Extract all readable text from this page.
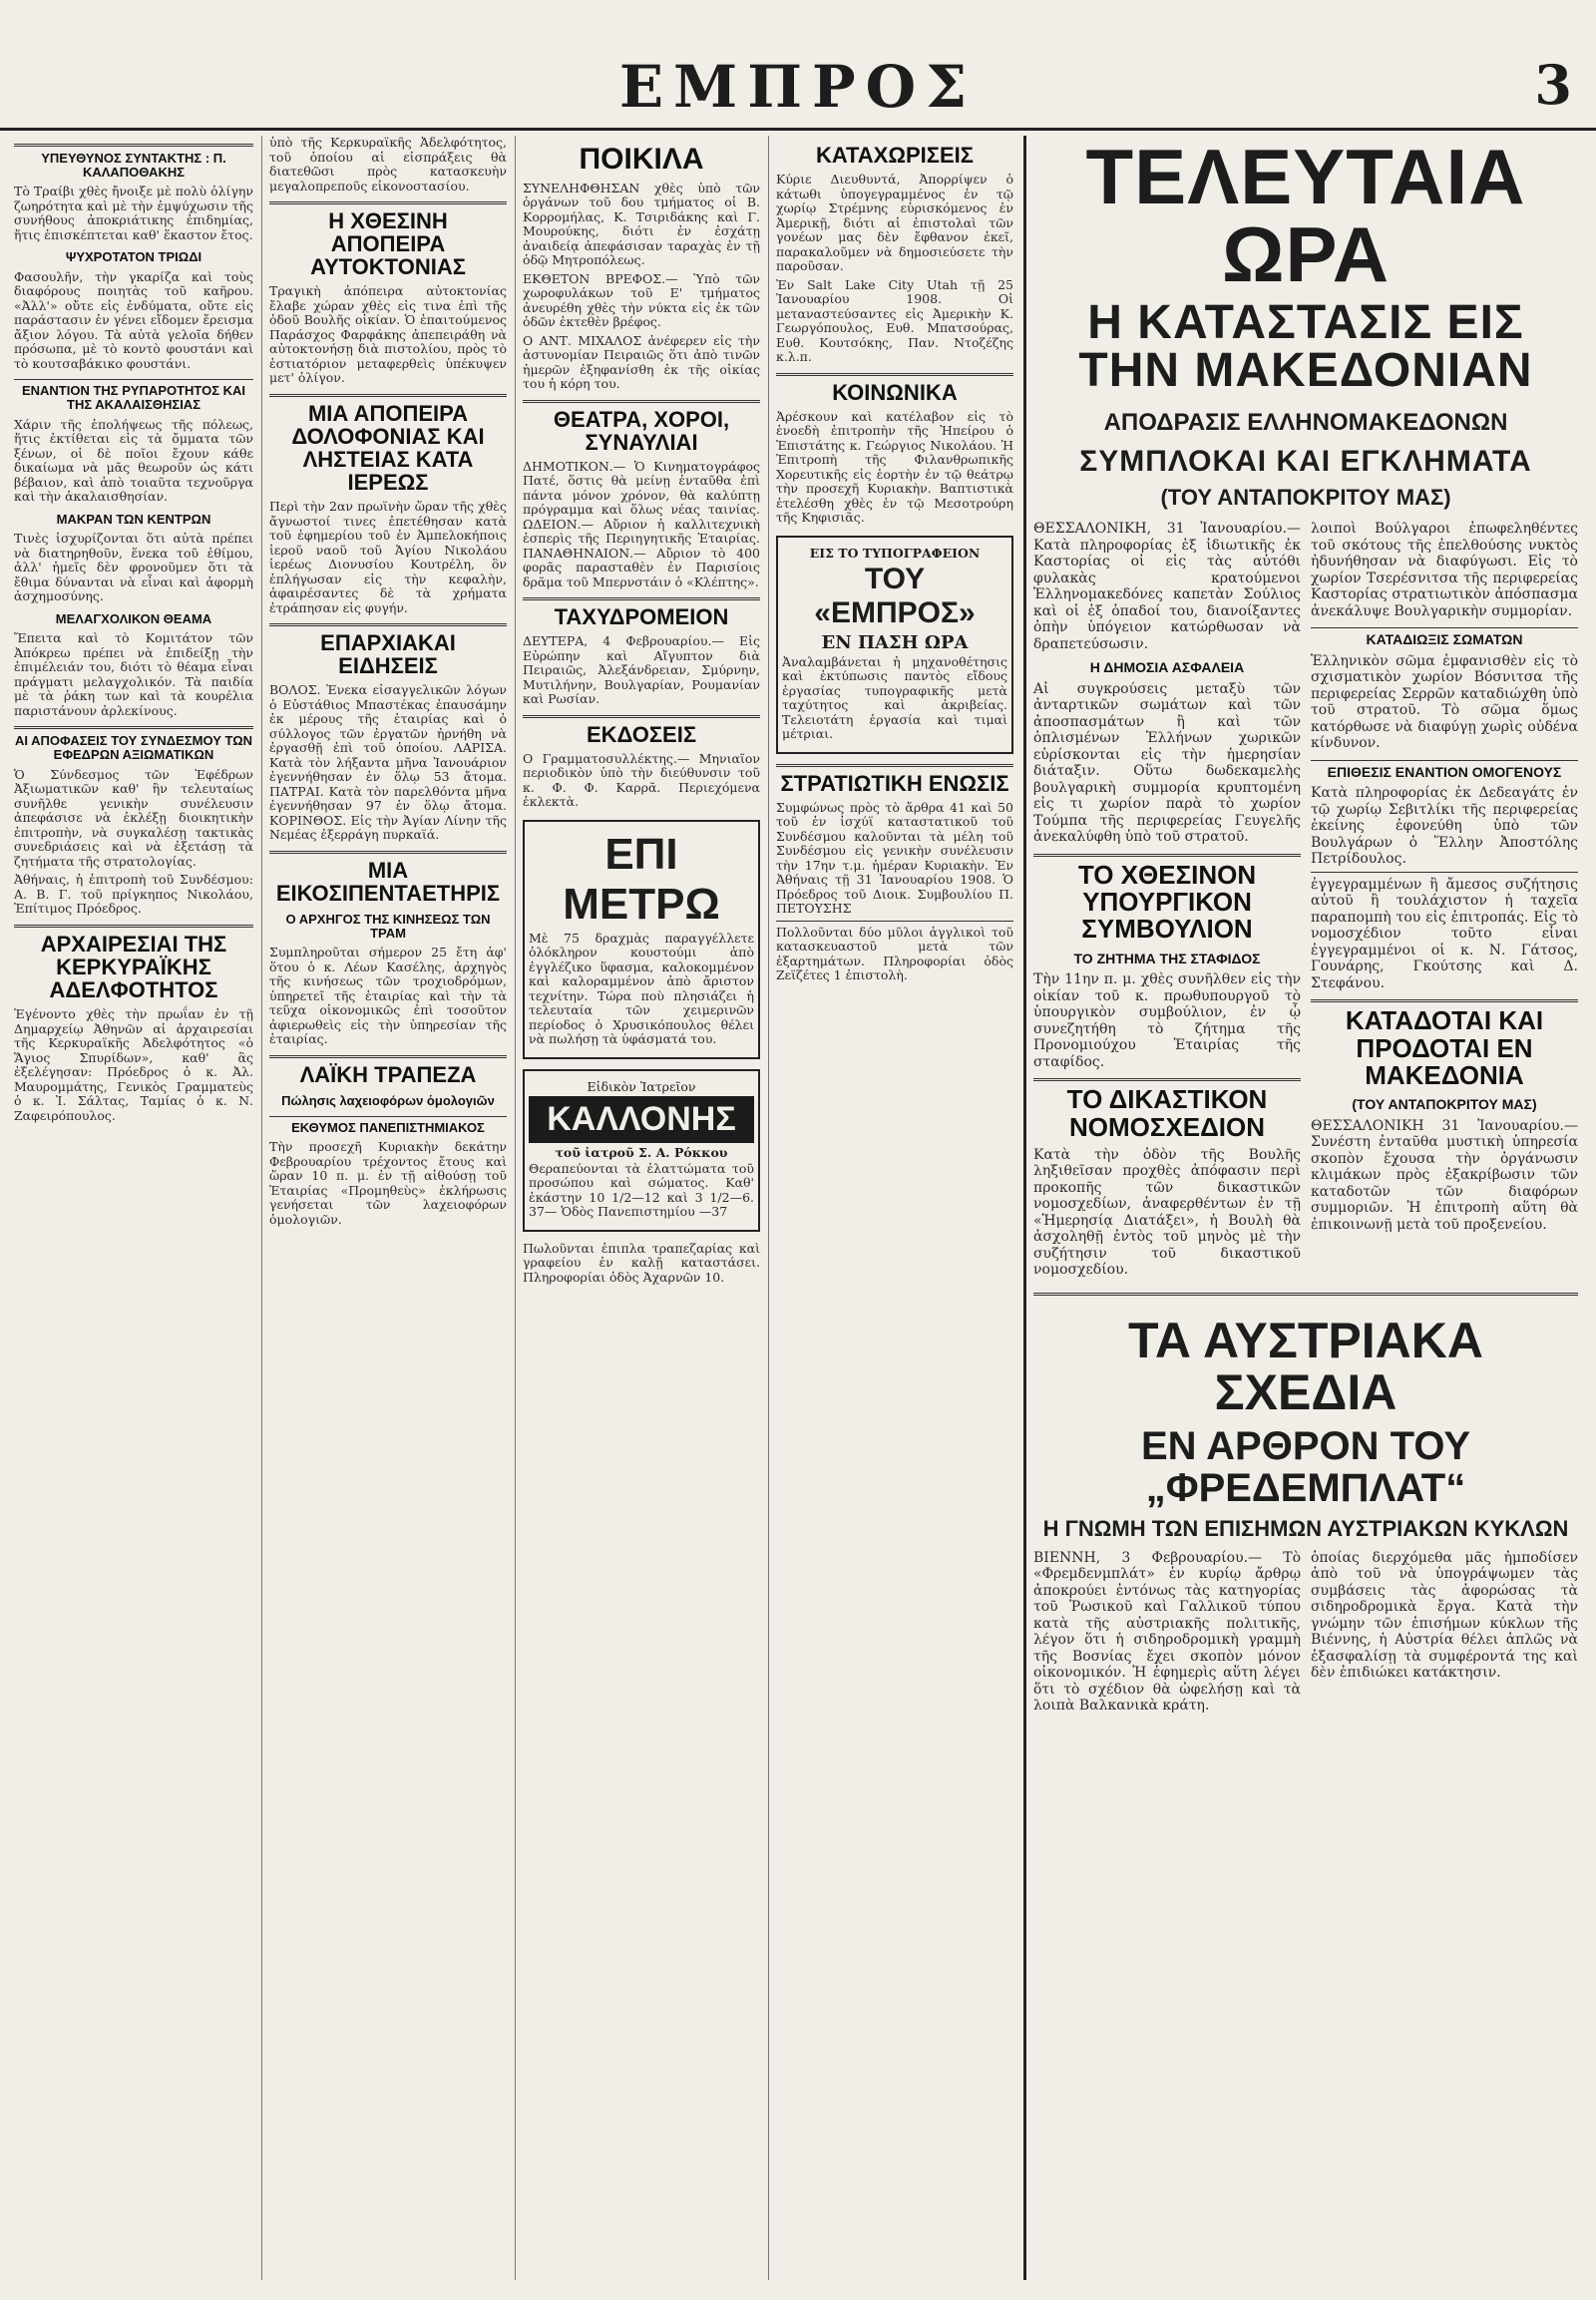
ΕΜΠΡΟΣ	3
ΥΠΕΥΘΥΝΟΣ ΣΥΝΤΑΚΤΗΣ : Π. ΚΑΛΑΠΟΘΑΚΗΣ

Τὸ Τραίβι χθὲς ἤνοιξε μὲ πολὺ ὀλίγην ζωηρότητα καὶ μὲ τὴν ἐμψύχωσιν τῆς συνήθους ἀποκριάτικης ἐπιδημίας, ἥτις ἐπισκέπτεται καθ' ἕκαστον ἔτος.

ΨΥΧΡΟΤΑΤΟΝ ΤΡΙΩΔΙ

Φασουλῆν, τὴν γκαρίζα καὶ τοὺς διαφόρους ποιητὰς τοῦ καῆρου. «Ἀλλ'» οὔτε εἰς ἐνδύματα, οὔτε εἰς παράστασιν ἐν γένει εἴδομεν ἔρεισμα ἄξιον λόγου. Τὰ αὐτὰ γελοῖα δήθεν πρόσωπα, μὲ τὸ κοντὸ φουστάνι καὶ τὸ κουτσαβάκικο φουστάνι.

ΕΝΑΝΤΙΟΝ ΤΗΣ ΡΥΠΑΡΟΤΗΤΟΣ ΚΑΙ ΤΗΣ ΑΚΑΛΑΙΣΘΗΣΙΑΣ

Χάριν τῆς ἐπολήψεως τῆς πόλεως, ἥτις ἐκτίθεται εἰς τὰ ὄμματα τῶν ξένων, οἱ δὲ ποῖοι ἔχουν κάθε δικαίωμα νὰ μᾶς θεωροῦν ὡς κάτι βέβαιον, καὶ ἀπὸ τοιαῦτα τεχνοῦργα καὶ τὴν ἀκαλαισθησίαν.

ΜΑΚΡΑΝ ΤΩΝ ΚΕΝΤΡΩΝ

Τινὲς ἰσχυρίζονται ὅτι αὐτὰ πρέπει νὰ διατηρηθοῦν, ἕνεκα τοῦ ἐθίμου, ἀλλ' ἡμεῖς δὲν φρονοῦμεν ὅτι τὰ ἔθιμα δύνανται νὰ εἶναι καὶ ἀφορμὴ ἀσχημοσύνης.

ΜΕΛΑΓΧΟΛΙΚΟΝ ΘΕΑΜΑ

Ἔπειτα καὶ τὸ Κομιτάτον τῶν Ἀπόκρεω πρέπει νὰ ἐπιδείξῃ τὴν ἐπιμέλειάν του, διότι τὸ θέαμα εἶναι πράγματι μελαγχολικόν. Τὰ παιδία μὲ τὰ ῥάκη των καὶ τὰ κουρέλια παριστάνουν ἀρλεκίνους.

ΑΙ ΑΠΟΦΑΣΕΙΣ ΤΟΥ ΣΥΝΔΕΣΜΟΥ ΤΩΝ ΕΦΕΔΡΩΝ ΑΞΙΩΜΑΤΙΚΩΝ

Ὁ Σύνδεσμος τῶν Ἐφέδρων Ἀξιωματικῶν καθ' ἣν τελευταίως συνῆλθε γενικὴν συνέλευσιν ἀπεφάσισε νὰ ἐκλέξῃ διοικητικὴν ἐπιτροπὴν, νὰ συγκαλέσῃ τακτικὰς συνεδριάσεις καὶ νὰ ἐξετάσῃ τὰ ζητήματα τῆς στρατολογίας.

Ἀθήναις, ἡ ἐπιτροπὴ τοῦ Συνδέσμου: Α. Β. Γ. τοῦ πρίγκηπος Νικολάου, Ἐπίτιμος Πρόεδρος.

ΑΡΧΑΙΡΕΣΙΑΙ ΤΗΣ ΚΕΡΚΥΡΑΪΚΗΣ ΑΔΕΛΦΟΤΗΤΟΣ

Ἐγένοντο χθὲς τὴν πρωΐαν ἐν τῇ Δημαρχείῳ Ἀθηνῶν αἱ ἀρχαιρεσίαι τῆς Κερκυραϊκῆς Ἀδελφότητος «ὁ Ἅγιος Σπυρίδων», καθ' ἃς ἐξελέγησαν: Πρόεδρος ὁ κ. Ἀλ. Μαυρομμάτης, Γενικὸς Γραμματεὺς ὁ κ. Ἰ. Σάλτας, Ταμίας ὁ κ. Ν. Ζαφειρόπουλος.

ὑπὸ τῆς Κερκυραϊκῆς Ἀδελφότητος, τοῦ ὁποίου αἱ εἰσπράξεις θὰ διατεθῶσι πρὸς κατασκευὴν μεγαλοπρεποῦς εἰκονοστασίου.

Η ΧΘΕΣΙΝΗ ΑΠΟΠΕΙΡΑ ΑΥΤΟΚΤΟΝΙΑΣ

Τραγικὴ ἀπόπειρα αὐτοκτονίας ἔλαβε χώραν χθὲς εἰς τινα ἐπὶ τῆς ὁδοῦ Βουλῆς οἰκίαν. Ὁ ἐπαιτούμενος Παράσχος Φαρφάκης ἀπεπειράθη νὰ αὐτοκτονήσῃ διὰ πιστολίου, πρὸς τὸ ἑστιατόριον μεταφερθεὶς ὑπέκυψεν μετ' ὀλίγον.

ΜΙΑ ΑΠΟΠΕΙΡΑ ΔΟΛΟΦΟΝΙΑΣ ΚΑΙ ΛΗΣΤΕΙΑΣ ΚΑΤΑ ΙΕΡΕΩΣ

Περὶ τὴν 2αν πρωϊνὴν ὥραν τῆς χθὲς ἄγνωστοί τινες ἐπετέθησαν κατὰ τοῦ ἐφημερίου τοῦ ἐν Ἀμπελοκήποις ἱεροῦ ναοῦ τοῦ Ἁγίου Νικολάου ἱερέως Διονυσίου Κουτρέλη, ὃν ἐπλήγωσαν εἰς τὴν κεφαλὴν, ἀφαιρέσαντες δὲ τὰ χρήματα ἐτράπησαν εἰς φυγήν.

ΕΠΑΡΧΙΑΚΑΙ ΕΙΔΗΣΕΙΣ

ΒΟΛΟΣ. Ἐνεκα εἰσαγγελικῶν λόγων ὁ Εὐστάθιος Μπαστέκας ἐπαυσάμην ἐκ μέρους τῆς ἐταιρίας καὶ ὁ σύλλογος τῶν ἐργατῶν ἠρνήθη νὰ ἐργασθῇ ἐπὶ τοῦ ὁποίου. ΛΑΡΙΣΑ. Κατὰ τὸν λήξαντα μῆνα Ἰανουάριον ἐγεννήθησαν ἐν ὅλῳ 53 ἄτομα. ΠΑΤΡΑΙ. Κατὰ τὸν παρελθόντα μῆνα ἐγεννήθησαν 97 ἐν ὅλῳ ἄτομα. ΚΟΡΙΝΘΟΣ. Εἰς τὴν Ἀγίαν Λίνην τῆς Νεμέας ἐξερράγη πυρκαϊά.

ΜΙΑ ΕΙΚΟΣΙΠΕΝΤΑΕΤΗΡΙΣ
Ο ΑΡΧΗΓΟΣ ΤΗΣ ΚΙΝΗΣΕΩΣ ΤΩΝ ΤΡΑΜ

Συμπληροῦται σήμερον 25 ἔτη ἀφ' ὅτου ὁ κ. Λέων Κασέλης, ἀρχηγὸς τῆς κινήσεως τῶν τροχιοδρόμων, ὑπηρετεῖ τῆς ἑταιρίας καὶ τὴν τὰ τεῦχα οἰκονομικῶς ἐπὶ τοσοῦτον ἀφιερωθεὶς εἰς τὴν ὑπηρεσίαν τῆς ἑταιρίας.

ΛΑΪΚΗ ΤΡΑΠΕΖΑ
Πώλησις λαχειοφόρων ὁμολογιῶν
ΕΚΘΥΜΟΣ ΠΑΝΕΠΙΣΤΗΜΙΑΚΟΣ

Τὴν προσεχῆ Κυριακὴν δεκάτην Φεβρουαρίου τρέχοντος ἔτους καὶ ὥραν 10 π. μ. ἐν τῇ αἰθούσῃ τοῦ Ἑταιρίας «Προμηθεὺς» ἐκλήρωσις γενήσεται τῶν λαχειοφόρων ὁμολογιῶν.

ΠΟΙΚΙΛΑ

ΣΥΝΕΛΗΦΘΗΣΑΝ χθὲς ὑπὸ τῶν ὀργάνων τοῦ δου τμήματος οἱ Β. Κορρομήλας, Κ. Τσιριδάκης καὶ Γ. Μουρούκης, διότι ἐν ἐσχάτῃ ἀναιδείᾳ ἀπεφάσισαν ταραχὰς ἐν τῇ ὁδῷ Μητροπόλεως.

ΕΚΘΕΤΟΝ ΒΡΕΦΟΣ.— Ὑπὸ τῶν χωροφυλάκων τοῦ Ε' τμήματος ἀνευρέθη χθὲς τὴν νύκτα εἰς ἐκ τῶν ὁδῶν ἐκτεθὲν βρέφος.

Ο ΑΝΤ. ΜΙΧΑΛΟΣ ἀνέφερεν εἰς τὴν ἀστυνομίαν Πειραιῶς ὅτι ἀπὸ τινῶν ἡμερῶν ἐξηφανίσθη ἐκ τῆς οἰκίας του ἡ κόρη του.

ΘΕΑΤΡΑ, ΧΟΡΟΙ, ΣΥΝΑΥΛΙΑΙ

ΔΗΜΟΤΙΚΟΝ.— Ὁ Κινηματογράφος Πατέ, ὅστις θὰ μείνῃ ἐνταῦθα ἐπὶ πάντα μόνον χρόνον, θὰ καλύπτῃ πρόγραμμα καὶ ὅλως νέας ταινίας. ΩΔΕΙΟΝ.— Αὔριον ἡ καλλιτεχνικὴ ἑσπερὶς τῆς Περιηγητικῆς Ἑταιρίας. ΠΑΝΑΘΗΝΑΙΟΝ.— Αὔριον τὸ 400 φορᾶς παρασταθὲν ἐν Παρισίοις δρᾶμα τοῦ Μπερνστάιν ὁ «Κλέπτης».

ΤΑΧΥΔΡΟΜΕΙΟΝ

ΔΕΥΤΕΡΑ, 4 Φεβρουαρίου.— Εἰς Εὐρώπην καὶ Αἴγυπτον διὰ Πειραιῶς, Ἀλεξάνδρειαν, Σμύρνην, Μυτιλήνην, Βουλγαρίαν, Ρουμανίαν καὶ Ρωσίαν.

ΕΚΔΟΣΕΙΣ

Ο Γραμματοσυλλέκτης.— Μηνιαῖον περιοδικὸν ὑπὸ τὴν διεύθυνσιν τοῦ κ. Φ. Φ. Καρρᾶ. Περιεχόμενα ἐκλεκτὰ.

ΕΠΙ ΜΕΤΡΩ

Μὲ 75 δραχμὰς παραγγέλλετε ὁλόκληρον κουστούμι ἀπὸ ἐγγλέζικο ὕφασμα, καλοκομμένον καὶ καλοραμμένον ἀπὸ ἄριστον τεχνίτην. Τώρα ποὺ πλησιάζει ἡ τελευταία τῶν χειμερινῶν περίοδος ὁ Χρυσικόπουλος θέλει νὰ πωλήσῃ τὰ ὑφάσματά του.

Εἰδικὸν Ἰατρεῖον
ΚΑΛΛΟΝΗΣ
τοῦ ἰατροῦ Σ. Α. Ρόκκου

Θεραπεύονται τὰ ἐλαττώματα τοῦ προσώπου καὶ σώματος. Καθ' ἑκάστην 10 1/2—12 καὶ 3 1/2—6. 37— Ὁδὸς Πανεπιστημίου —37

Πωλοῦνται ἐπιπλα τραπεζαρίας καὶ γραφείου ἐν καλῇ καταστάσει. Πληροφορίαι ὁδὸς Ἀχαρνῶν 10.

ΚΑΤΑΧΩΡΙΣΕΙΣ

Κύριε Διευθυντά, Ἀπορρίψεν ὁ κάτωθι ὑπογεγραμμένος ἐν τῷ χωρίῳ Στρέμνης εὑρισκόμενος ἐν Ἀμερικῇ, διότι αἱ ἐπιστολαὶ τῶν γονέων μας δὲν ἔφθανον ἐκεῖ, παρακαλοῦμεν νὰ δημοσιεύσετε τὴν παροῦσαν.

Ἐν Salt Lake City Utah τῇ 25 Ἰανουαρίου 1908. Οἱ μεταναστεύσαντες εἰς Ἀμερικὴν Κ. Γεωργόπουλος, Ευθ. Μπατσούρας, Ευθ. Κουτσόκης, Παν. Ντοζέζης κ.λ.π.

ΚΟΙΝΩΝΙΚΑ

Ἀρέσκουν καὶ κατέλαβον εἰς τὸ ἑνοεδὴ ἐπιτροπὴν τῆς Ἠπείρου ὁ Ἐπιστάτης κ. Γεώργιος Νικολάου. Ἡ Ἐπιτροπὴ τῆς Φιλανθρωπικῆς Χορευτικῆς εἰς ἑορτὴν ἐν τῷ θεάτρῳ τὴν προσεχῆ Κυριακὴν. Βαπτιστικὰ ἐτελέσθη χθὲς ἐν τῷ Μεσοτρούρη τῆς Κηφισιᾶς.

ΕΙΣ ΤΟ ΤΥΠΟΓΡΑΦΕΙΟΝ
ΤΟΥ «ΕΜΠΡΟΣ»
ΕΝ ΠΑΣΗ ΩΡΑ

Ἀναλαμβάνεται ἡ μηχανοθέτησις καὶ ἐκτύπωσις παντὸς εἴδους ἐργασίας τυπογραφικῆς μετὰ ταχύτητος καὶ ἀκριβείας. Τελειοτάτη ἐργασία καὶ τιμαὶ μέτριαι.

ΣΤΡΑΤΙΩΤΙΚΗ ΕΝΩΣΙΣ

Συμφώνως πρὸς τὸ ἄρθρα 41 καὶ 50 τοῦ ἐν ἰσχύϊ καταστατικοῦ τοῦ Συνδέσμου καλοῦνται τὰ μέλη τοῦ Συνδέσμου εἰς γενικὴν συνέλευσιν τὴν 17ην τ.μ. ἡμέραν Κυριακὴν. Ἐν Ἀθήναις τῇ 31 Ἰανουαρίου 1908. Ὁ Πρόεδρος τοῦ Διοικ. Συμβουλίου Π. ΠΕΤΟΥΣΗΣ

Πολλοῦνται δύο μῦλοι ἀγγλικοὶ τοῦ κατασκευαστοῦ μετὰ τῶν ἐξαρτημάτων. Πληροφορίαι ὁδὸς Ζεϊζέτες 1 ἐπιστολὴ.

ΤΕΛΕΥΤΑΙΑ ΩΡΑ
Η ΚΑΤΑΣΤΑΣΙΣ ΕΙΣ ΤΗΝ ΜΑΚΕΔΟΝΙΑΝ
ΑΠΟΔΡΑΣΙΣ ΕΛΛΗΝΟΜΑΚΕΔΟΝΩΝ
ΣΥΜΠΛΟΚΑΙ ΚΑΙ ΕΓΚΛΗΜΑΤΑ
(ΤΟΥ ΑΝΤΑΠΟΚΡΙΤΟΥ ΜΑΣ)

ΘΕΣΣΑΛΟΝΙΚΗ, 31 Ἰανουαρίου.— Κατὰ πληροφορίας ἐξ ἰδιωτικῆς ἐκ Καστορίας οἱ εἰς τὰς αὐτόθι φυλακὰς κρατούμενοι Ἑλληνομακεδόνες καπετὰν Σούλιος καὶ οἱ ἐξ ὁπαδοί του, διανοίξαντες ὀπὴν ὑπόγειον κατώρθωσαν νὰ δραπετεύσωσιν.

Η ΔΗΜΟΣΙΑ ΑΣΦΑΛΕΙΑ

Αἱ συγκρούσεις μεταξὺ τῶν ἀνταρτικῶν σωμάτων καὶ τῶν ἀποσπασμάτων ἢ καὶ τῶν ὁπλισμένων Ἑλλήνων χωρικῶν εὑρίσκονται εἰς τὴν ἡμερησίαν διάταξιν. Οὕτω δωδεκαμελὴς βουλγαρικὴ συμμορία κρυπτομένη εἰς τι χωρίον παρὰ τὸ χωρίον Τούμπα τῆς περιφερείας Γευγελῆς ἀνεκαλύφθη ὑπὸ τοῦ στρατοῦ.

ΤΟ ΧΘΕΣΙΝΟΝ ΥΠΟΥΡΓΙΚΟΝ ΣΥΜΒΟΥΛΙΟΝ
ΤΟ ΖΗΤΗΜΑ ΤΗΣ ΣΤΑΦΙΔΟΣ

Τὴν 11ην π. μ. χθὲς συνῆλθεν εἰς τὴν οἰκίαν τοῦ κ. πρωθυπουργοῦ τὸ ὑπουργικὸν συμβούλιον, ἐν ᾧ συνεζητήθη τὸ ζήτημα τῆς Προνομιούχου Ἑταιρίας τῆς σταφίδος.

ΤΟ ΔΙΚΑΣΤΙΚΟΝ ΝΟΜΟΣΧΕΔΙΟΝ

Κατὰ τὴν ὁδὸν τῆς Βουλῆς ληξιθεῖσαν προχθὲς ἀπόφασιν περὶ προκοπῆς τῶν δικαστικῶν νομοσχεδίων, ἀναφερθέντων ἐν τῇ «Ἡμερησίᾳ Διατάξει», ἡ Βουλὴ θὰ ἀσχοληθῇ ἐντὸς τοῦ μηνὸς μὲ τὴν συζήτησιν τοῦ δικαστικοῦ νομοσχεδίου.

λοιποὶ Βούλγαροι ἐπωφεληθέντες τοῦ σκότους τῆς ἐπελθούσης νυκτὸς ἠδυνήθησαν νὰ διαφύγωσι. Εἰς τὸ χωρίον Τσερέσνιτσα τῆς περιφερείας Καστορίας στρατιωτικὸν ἀπόσπασμα ἀνεκάλυψε Βουλγαρικὴν συμμορίαν.

ΚΑΤΑΔΙΩΞΙΣ ΣΩΜΑΤΩΝ

Ἑλληνικὸν σῶμα ἐμφανισθὲν εἰς τὸ σχισματικὸν χωρίον Βόσνιτσα τῆς περιφερείας Σερρῶν καταδιώχθη ὑπὸ τοῦ στρατοῦ. Τὸ σῶμα ὅμως κατόρθωσε νὰ διαφύγῃ χωρὶς οὐδένα κίνδυνον.

ΕΠΙΘΕΣΙΣ ΕΝΑΝΤΙΟΝ ΟΜΟΓΕΝΟΥΣ

Κατὰ πληροφορίας ἐκ Δεδεαγάτς ἐν τῷ χωρίῳ Σεβιτλίκι τῆς περιφερείας ἐκείνης ἐφονεύθη ὑπὸ τῶν Βουλγάρων ὁ Ἕλλην Ἀποστόλης Πετρίδουλος.

ἐγγεγραμμένων ἢ ἄμεσος συζήτησις αὐτοῦ ἢ τουλάχιστον ἡ ταχεῖα παραπομπὴ του εἰς ἐπιτροπάς. Εἰς τὸ νομοσχέδιον τοῦτο εἶναι ἐγγεγραμμένοι οἱ κ. Ν. Γάτσος, Γουνάρης, Γκούτσης καὶ Δ. Στεφάνου.

ΚΑΤΑΔΟΤΑΙ ΚΑΙ ΠΡΟΔΟΤΑΙ ΕΝ ΜΑΚΕΔΟΝΙΑ
(ΤΟΥ ΑΝΤΑΠΟΚΡΙΤΟΥ ΜΑΣ)

ΘΕΣΣΑΛΟΝΙΚΗ 31 Ἰανουαρίου.— Συνέστη ἐνταῦθα μυστικὴ ὑπηρεσία σκοπὸν ἔχουσα τὴν ὀργάνωσιν κλιμάκων πρὸς ἐξακρίβωσιν τῶν καταδοτῶν τῶν διαφόρων συμμοριῶν. Ἡ ἐπιτροπὴ αὕτη θὰ ἐπικοινωνῇ μετὰ τοῦ προξενείου.

ΤΑ ΑΥΣΤΡΙΑΚΑ ΣΧΕΔΙΑ
ΕΝ ΑΡΘΡΟΝ ΤΟΥ „ΦΡΕΔΕΜΠΛΑΤ“
Η ΓΝΩΜΗ ΤΩΝ ΕΠΙΣΗΜΩΝ ΑΥΣΤΡΙΑΚΩΝ ΚΥΚΛΩΝ

ΒΙΕΝΝΗ, 3 Φεβρουαρίου.— Τὸ «Φρεμδενμπλάτ» ἐν κυρίῳ ἄρθρῳ ἀποκρούει ἐντόνως τὰς κατηγορίας τοῦ Ῥωσικοῦ καὶ Γαλλικοῦ τύπου κατὰ τῆς αὐστριακῆς πολιτικῆς, λέγον ὅτι ἡ σιδηροδρομικὴ γραμμὴ τῆς Βοσνίας ἔχει σκοπὸν μόνον οἰκονομικόν. Ἡ ἐφημερὶς αὕτη λέγει ὅτι τὸ σχέδιον θὰ ὠφελήσῃ καὶ τὰ λοιπὰ Βαλκανικὰ κράτη.

ὁποίας διερχόμεθα μᾶς ἠμποδίσεν ἀπὸ τοῦ νὰ ὑπογράψωμεν τὰς συμβάσεις τὰς ἀφορώσας τὰ σιδηροδρομικὰ ἔργα. Κατὰ τὴν γνώμην τῶν ἐπισήμων κύκλων τῆς Βιέννης, ἡ Αὐστρία θέλει ἁπλῶς νὰ ἐξασφαλίσῃ τὰ συμφέροντά της καὶ δὲν ἐπιδιώκει κατάκτησιν.
